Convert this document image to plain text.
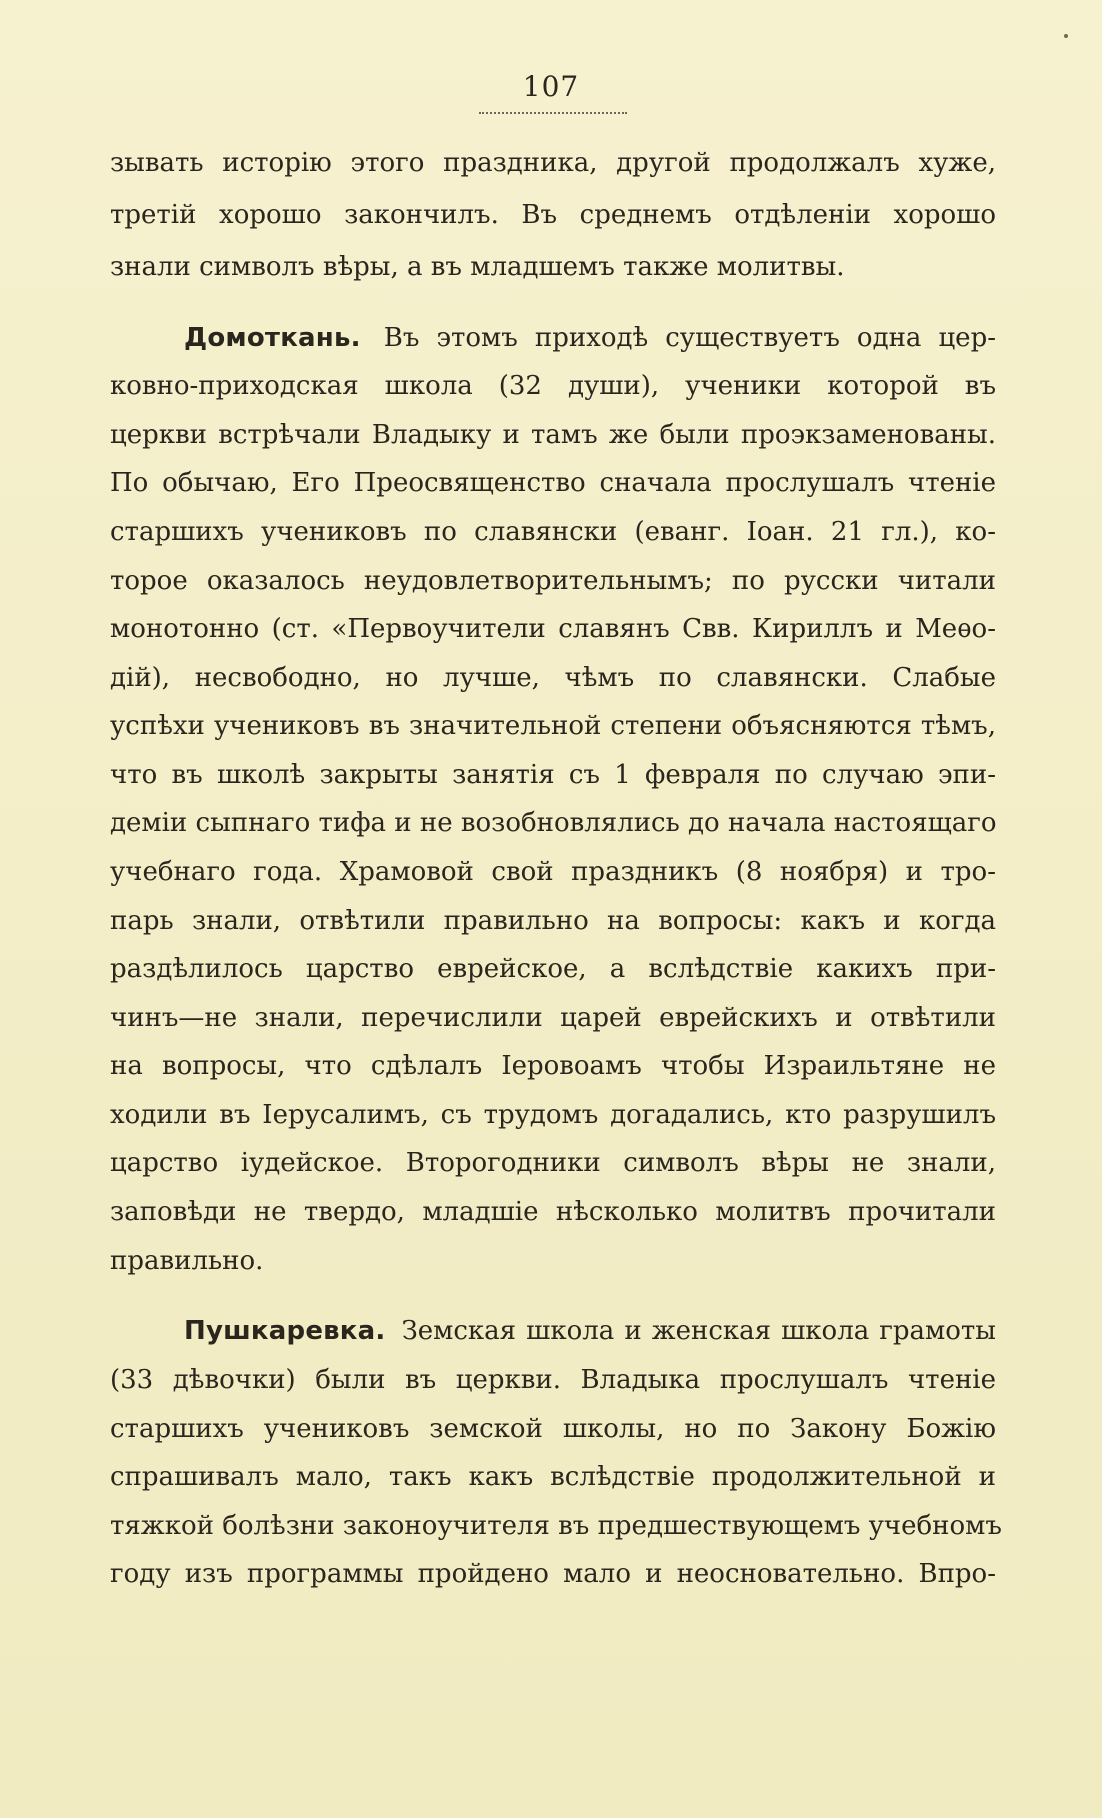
107

зывать исторію этого праздника, другой продолжалъ хуже,

третій хорошо закончилъ. Въ среднемъ отдѣленіи хорошо

знали символъ вѣры, а въ младшемъ также молитвы.

Домоткань. Въ этомъ приходѣ существуетъ одна цер-

ковно-приходская школа (32 души), ученики которой въ

церкви встрѣчали Владыку и тамъ же были проэкзаменованы.

По обычаю, Его Преосвященство сначала прослушалъ чтеніе

старшихъ учениковъ по славянски (еванг. Іоан. 21 гл.), ко-

торое оказалось неудовлетворительнымъ; по русски читали

монотонно (ст. «Первоучители славянъ Свв. Кириллъ и Меѳо-

дій), несвободно, но лучше, чѣмъ по славянски. Слабые

успѣхи учениковъ въ значительной степени объясняются тѣмъ,

что въ школѣ закрыты занятія съ 1 февраля по случаю эпи-

деміи сыпнаго тифа и не возобновлялись до начала настоящаго

учебнаго года. Храмовой свой праздникъ (8 ноября) и тро-

парь знали, отвѣтили правильно на вопросы: какъ и когда

раздѣлилось царство еврейское, а вслѣдствіе какихъ при-

чинъ—не знали, перечислили царей еврейскихъ и отвѣтили

на вопросы, что сдѣлалъ Іеровоамъ чтобы Израильтяне не

ходили въ Іерусалимъ, съ трудомъ догадались, кто разрушилъ

царство іудейское. Второгодники символъ вѣры не знали,

заповѣди не твердо, младшіе нѣсколько молитвъ прочитали

правильно.

Пушкаревка. Земская школа и женская школа грамоты

(33 дѣвочки) были въ церкви. Владыка прослушалъ чтеніе

старшихъ учениковъ земской школы, но по Закону Божію

спрашивалъ мало, такъ какъ вслѣдствіе продолжительной и

тяжкой болѣзни законоучителя въ предшествующемъ учебномъ

году изъ программы пройдено мало и неосновательно. Впро-
